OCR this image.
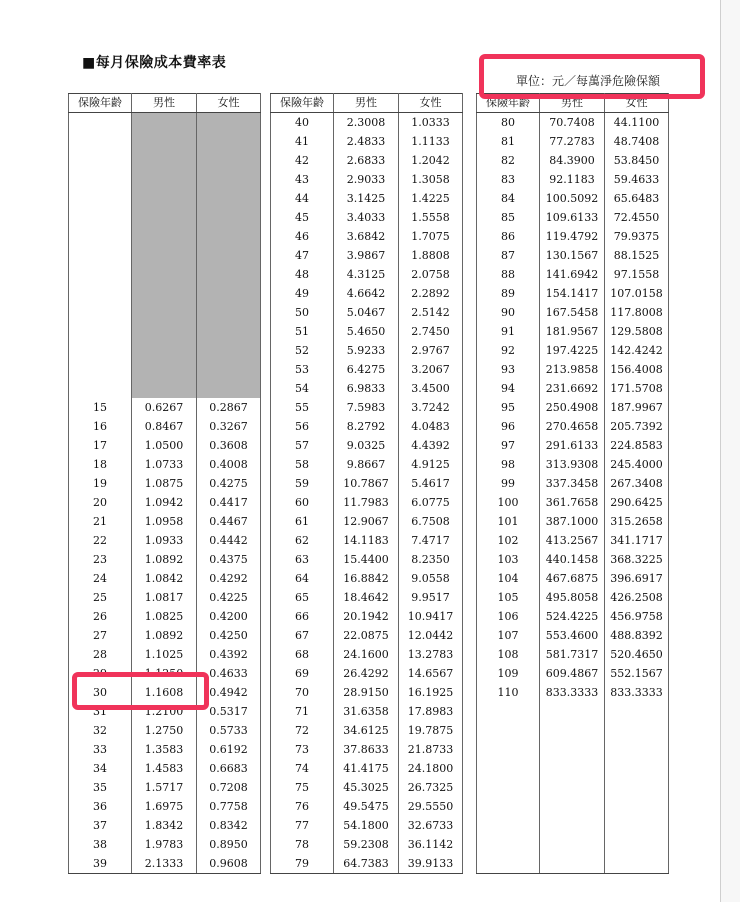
■每月保險成本費率表
單位：元／每萬淨危險保額
保險年齡	男性	女性

15	0.6267	0.2867
16	0.8467	0.3267
17	1.0500	0.3608
18	1.0733	0.4008
19	1.0875	0.4275
20	1.0942	0.4417
21	1.0958	0.4467
22	1.0933	0.4442
23	1.0892	0.4375
24	1.0842	0.4292
25	1.0817	0.4225
26	1.0825	0.4200
27	1.0892	0.4250
28	1.1025	0.4392
29	1.1250	0.4633
30	1.1608	0.4942
31	1.2100	0.5317
32	1.2750	0.5733
33	1.3583	0.6192
34	1.4583	0.6683
35	1.5717	0.7208
36	1.6975	0.7758
37	1.8342	0.8342
38	1.9783	0.8950
39	2.1333	0.9608
保險年齡	男性	女性
40	2.3008	1.0333
41	2.4833	1.1133
42	2.6833	1.2042
43	2.9033	1.3058
44	3.1425	1.4225
45	3.4033	1.5558
46	3.6842	1.7075
47	3.9867	1.8808
48	4.3125	2.0758
49	4.6642	2.2892
50	5.0467	2.5142
51	5.4650	2.7450
52	5.9233	2.9767
53	6.4275	3.2067
54	6.9833	3.4500
55	7.5983	3.7242
56	8.2792	4.0483
57	9.0325	4.4392
58	9.8667	4.9125
59	10.7867	5.4617
60	11.7983	6.0775
61	12.9067	6.7508
62	14.1183	7.4717
63	15.4400	8.2350
64	16.8842	9.0558
65	18.4642	9.9517
66	20.1942	10.9417
67	22.0875	12.0442
68	24.1600	13.2783
69	26.4292	14.6567
70	28.9150	16.1925
71	31.6358	17.8983
72	34.6125	19.7875
73	37.8633	21.8733
74	41.4175	24.1800
75	45.3025	26.7325
76	49.5475	29.5550
77	54.1800	32.6733
78	59.2308	36.1142
79	64.7383	39.9133
保險年齡	男性	女性
80	70.7408	44.1100
81	77.2783	48.7408
82	84.3900	53.8450
83	92.1183	59.4633
84	100.5092	65.6483
85	109.6133	72.4550
86	119.4792	79.9375
87	130.1567	88.1525
88	141.6942	97.1558
89	154.1417	107.0158
90	167.5458	117.8008
91	181.9567	129.5808
92	197.4225	142.4242
93	213.9858	156.4008
94	231.6692	171.5708
95	250.4908	187.9967
96	270.4658	205.7392
97	291.6133	224.8583
98	313.9308	245.4000
99	337.3458	267.3408
100	361.7658	290.6425
101	387.1000	315.2658
102	413.2567	341.1717
103	440.1458	368.3225
104	467.6875	396.6917
105	495.8058	426.2508
106	524.4225	456.9758
107	553.4600	488.8392
108	581.7317	520.4650
109	609.4867	552.1567
110	833.3333	833.3333
